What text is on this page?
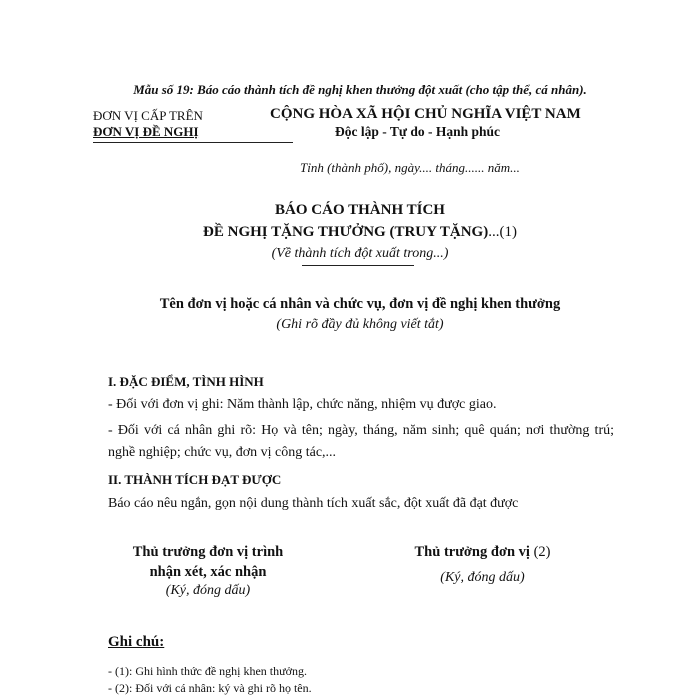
Mẫu số 19: Báo cáo thành tích đề nghị khen thưởng đột xuất (cho tập thể, cá nhân).
ĐƠN VỊ CẤP TRÊN
ĐƠN VỊ ĐỀ NGHỊ
CỘNG HÒA XÃ HỘI CHỦ NGHĨA VIỆT NAM
Độc lập - Tự do - Hạnh phúc
Tỉnh (thành phố), ngày.... tháng...... năm...
BÁO CÁO THÀNH TÍCH
ĐỀ NGHỊ TẶNG THƯỞNG (TRUY TẶNG)...(1)
(Về thành tích đột xuất trong...)
Tên đơn vị hoặc cá nhân và chức vụ, đơn vị đề nghị khen thưởng
(Ghi rõ đầy đủ không viết tắt)
I. ĐẶC ĐIỂM, TÌNH HÌNH
- Đối với đơn vị ghi: Năm thành lập, chức năng, nhiệm vụ được giao.
- Đối với cá nhân ghi rõ: Họ và tên; ngày, tháng, năm sinh; quê quán; nơi thường trú; nghề nghiệp; chức vụ, đơn vị công tác,...
II. THÀNH TÍCH ĐẠT ĐƯỢC
Báo cáo nêu ngắn, gọn nội dung thành tích xuất sắc, đột xuất đã đạt được
Thủ trưởng đơn vị trình
nhận xét, xác nhận
(Ký, đóng dấu)
Thủ trưởng đơn vị (2)
(Ký, đóng dấu)
Ghi chú:
- (1): Ghi hình thức đề nghị khen thưởng.
- (2): Đối với cá nhân: ký và ghi rõ họ tên.
